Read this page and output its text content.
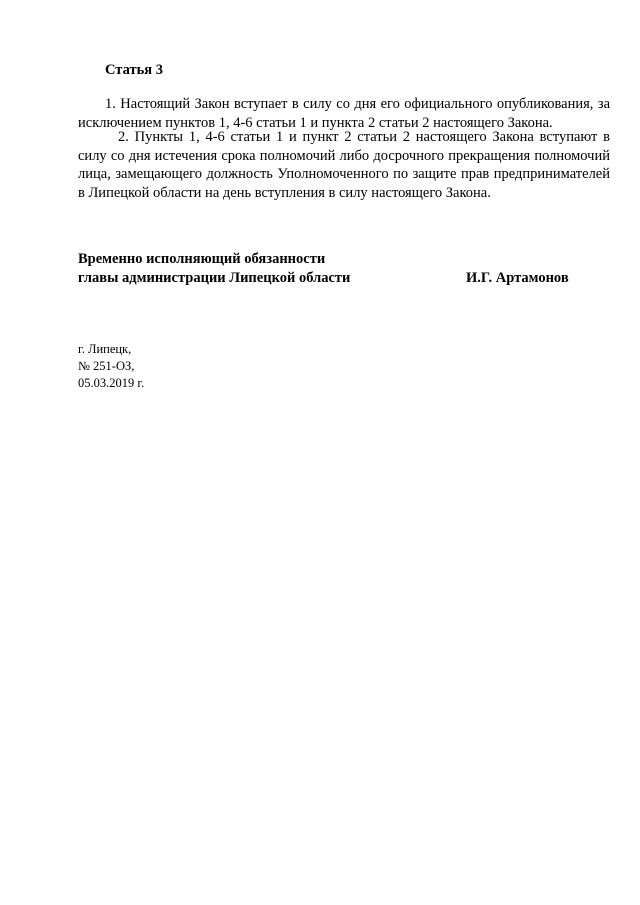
Статья 3

1. Настоящий Закон вступает в силу со дня его официального опубликования, за исключением пунктов 1, 4-6 статьи 1 и пункта 2 статьи 2 настоящего Закона.

2. Пункты 1, 4-6 статьи 1 и пункт 2 статьи 2 настоящего Закона вступают в силу со дня истечения срока полномочий либо досрочного прекращения полномочий лица, замещающего должность Уполномоченного по защите прав предпринимателей в Липецкой области на день вступления в силу настоящего Закона.

Временно исполняющий обязанности
главы администрации Липецкой области	И.Г. Артамонов
г. Липецк,
№ 251-ОЗ,
05.03.2019 г.
